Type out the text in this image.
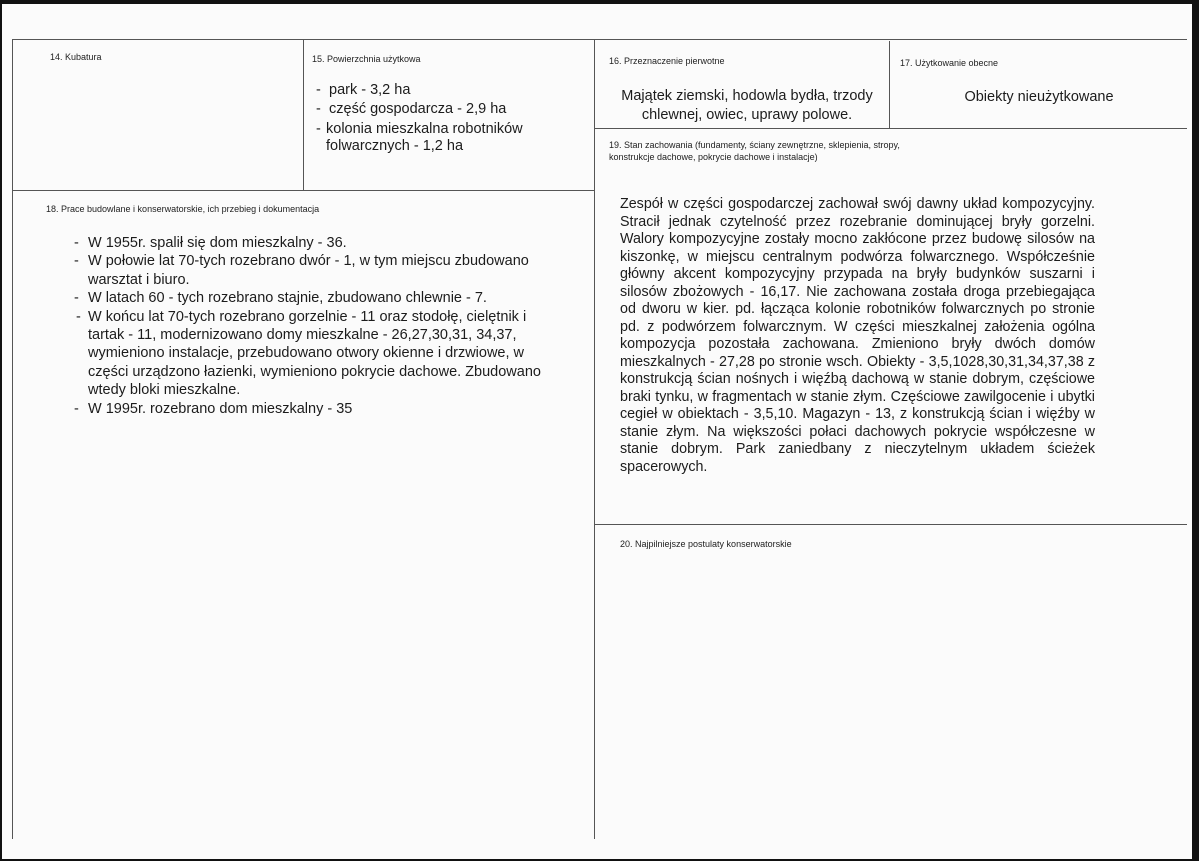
14. Kubatura	15. Powierzchnia użytkowa
- park - 3,2 ha
- część gospodarcza - 2,9 ha
- kolonia mieszkalna robotników folwarcznych - 1,2 ha
16. Przeznaczenie pierwotne
Majątek ziemski, hodowla bydła, trzody chlewnej, owiec, uprawy polowe.
17. Użytkowanie obecne
Obiekty nieużytkowane
18. Prace budowlane i konserwatorskie, ich przebieg i dokumentacja
- W 1955r. spalił się dom mieszkalny - 36.
- W połowie lat 70-tych rozebrano dwór - 1, w tym miejscu zbudowano warsztat i biuro.
- W latach 60 - tych rozebrano stajnie, zbudowano chlewnie - 7.
- W końcu lat 70-tych rozebrano gorzelnie - 11 oraz stodołę, cielętnik i tartak - 11, modernizowano domy mieszkalne - 26,27,30,31, 34,37, wymieniono instalacje, przebudowano otwory okienne i drzwiowe, w części urządzono łazienki, wymieniono pokrycie dachowe. Zbudowano wtedy bloki mieszkalne.
- W 1995r. rozebrano dom mieszkalny - 35
19. Stan zachowania (fundamenty, ściany zewnętrzne, sklepienia, stropy, konstrukcje dachowe, pokrycie dachowe i instalacje)
Zespół w części gospodarczej zachował swój dawny układ kompozycyjny. Stracił jednak czytelność przez rozebranie dominującej bryły gorzelni. Walory kompozycyjne zostały mocno zakłócone przez budowę silosów na kiszonkę, w miejscu centralnym podwórza folwarcznego. Współcześnie główny akcent kompozycyjny przypada na bryły budynków suszarni i silosów zbożowych - 16,17. Nie zachowana została droga przebiegająca od dworu w kier. pd. łącząca kolonie robotników folwarcznych po stronie pd. z podwórzem folwarcznym. W części mieszkalnej założenia ogólna kompozycja pozostała zachowana. Zmieniono bryły dwóch domów mieszkalnych - 27,28 po stronie wsch. Obiekty - 3,5,1028,30,31,34,37,38 z konstrukcją ścian nośnych i więźbą dachową w stanie dobrym, częściowe braki tynku, w fragmentach w stanie złym. Częściowe zawilgocenie i ubytki cegieł w obiektach - 3,5,10. Magazyn - 13, z konstrukcją ścian i więźby w stanie złym. Na większości połaci dachowych pokrycie współczesne w stanie dobrym. Park zaniedbany z nieczytelnym układem ścieżek spacerowych.
20. Najpilniejsze postulaty konserwatorskie
